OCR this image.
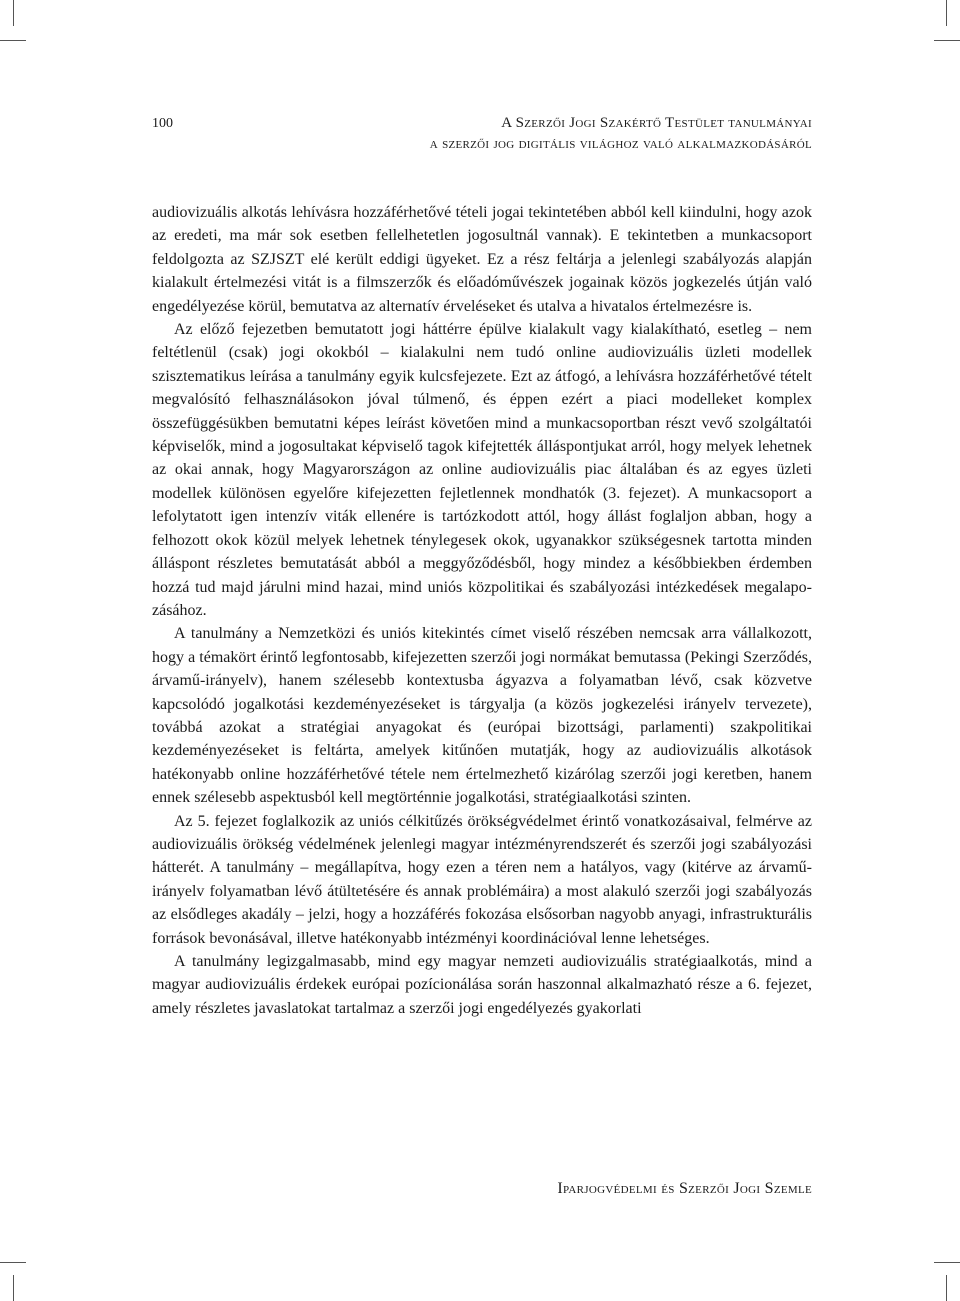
100	A Szerzői Jogi Szakértő Testület tanulmányai
a szerzői jog digitális világhoz való alkalmazkodásáról

audiovizuális alkotás lehívásra hozzáférhetővé tételi jogai tekintetében abból kell kiindulni, hogy azok az eredeti, ma már sok esetben fellelhetetlen jogosultnál vannak). E tekintetben a munkacsoport feldolgozta az SZJSZT elé került eddigi ügyeket. Ez a rész feltárja a jelenlegi szabályozás alapján kialakult értelmezési vitát is a filmszerzők és előadóművészek jogainak közös jogkezelés útján való engedélyezése körül, bemutatva az alternatív érveléseket és utalva a hivatalos értelmezésre is.

Az előző fejezetben bemutatott jogi háttérre épülve kialakult vagy kialakítható, esetleg – nem feltétlenül (csak) jogi okokból – kialakulni nem tudó online audiovizuális üzleti modellek szisztematikus leírása a tanulmány egyik kulcsfejezete. Ezt az átfogó, a lehívásra hozzáférhetővé tételt megvalósító felhasználásokon jóval túlmenő, és éppen ezért a piaci modelleket komplex összefüggésükben bemutatni képes leírást követően mind a munkacsoportban részt vevő szolgáltatói képviselők, mind a jogosultakat képviselő tagok kifejtették álláspontjukat arról, hogy melyek lehetnek az okai annak, hogy Magyarországon az online audiovizuális piac általában és az egyes üzleti modellek különösen egyelőre kifejezetten fejletlennek mondhatók (3. fejezet). A munkacsoport a lefolytatott igen intenzív viták ellenére is tartózkodott attól, hogy állást foglaljon abban, hogy a felhozott okok közül melyek lehetnek ténylegesek okok, ugyanakkor szükségesnek tartotta minden álláspont részletes bemutatását abból a meggyőződésből, hogy mindez a későbbiekben érdemben hozzá tud majd járulni mind hazai, mind uniós közpolitikai és szabályozási intézkedések megalapozásához.

A tanulmány a Nemzetközi és uniós kitekintés címet viselő részében nemcsak arra vállalkozott, hogy a témakört érintő legfontosabb, kifejezetten szerzői jogi normákat bemutassa (Pekingi Szerződés, árvamű-irányelv), hanem szélesebb kontextusba ágyazva a folyamatban lévő, csak közvetve kapcsolódó jogalkotási kezdeményezéseket is tárgyalja (a közös jogkezelési irányelv tervezete), továbbá azokat a stratégiai anyagokat és (európai bizottsági, parlamenti) szakpolitikai kezdeményezéseket is feltárta, amelyek kitűnően mutatják, hogy az audiovizuális alkotások hatékonyabb online hozzáférhetővé tétele nem értelmezhető kizárólag szerzői jogi keretben, hanem ennek szélesebb aspektusból kell megtörténnie jogalkotási, stratégiaalkotási szinten.

Az 5. fejezet foglalkozik az uniós célkitűzés örökségvédelmet érintő vonatkozásaival, felmérve az audiovizuális örökség védelmének jelenlegi magyar intézményrendszerét és szerzői jogi szabályozási hátterét. A tanulmány – megállapítva, hogy ezen a téren nem a hatályos, vagy (kitérve az árvamű-irányelv folyamatban lévő átültetésére és annak problémáira) a most alakuló szerzői jogi szabályozás az elsődleges akadály – jelzi, hogy a hozzáférés fokozása elsősorban nagyobb anyagi, infrastrukturális források bevonásával, illetve hatékonyabb intézményi koordinációval lenne lehetséges.

A tanulmány legizgalmasabb, mind egy magyar nemzeti audiovizuális stratégiaalkotás, mind a magyar audiovizuális érdekek európai pozícionálása során haszonnal alkalmazható része a 6. fejezet, amely részletes javaslatokat tartalmaz a szerzői jogi engedélyezés gyakorlati

Iparjogvédelmi és Szerzői Jogi Szemle
